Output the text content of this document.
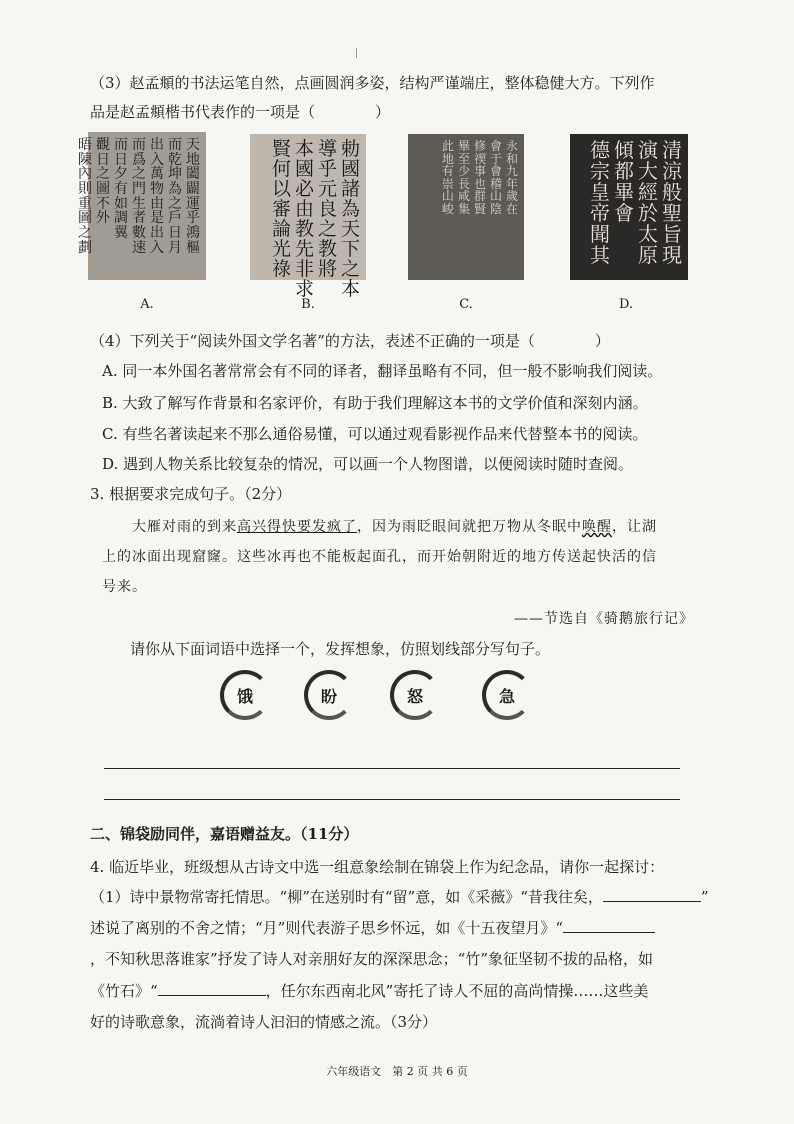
（3）赵孟頫的书法运笔自然，点画圆润多姿，结构严谨端庄，整体稳健大方。下列作
品是赵孟頫楷书代表作的一项是（　　　　）
天
地
闔
闢
運
乎
鴻
樞
而
乾
坤
為
之
戶
日
月
出
入
萬
物
由
是
出
入
而
爲
之
門
生
者
數
速
而
日
夕
有
如
調
翼
觀
日
之
圖
不
外
晤
陳
內
則
重
圖
之
劃
勅
國
諸
為
天
下
之
本
導
乎
元
良
之
教
將
本
國
必
由
教
先
非
求
賢
何
以
審
論
光
祿
永
和
九
年
歲
在
會
于
會
稽
山
陰
修
禊
事
也
群
賢
畢
至
少
長
咸
集
此
地
有
崇
山
峻
清
涼
般
聖
旨
現
演
大
經
於
太
原
傾
都
畢
會
德
宗
皇
帝
聞
其
A.	B.	C.	D.
（4）下列关于“阅读外国文学名著”的方法，表述不正确的一项是（　　　　）
A. 同一本外国名著常常会有不同的译者，翻译虽略有不同，但一般不影响我们阅读。
B. 大致了解写作背景和名家评价，有助于我们理解这本书的文学价值和深刻内涵。
C. 有些名著读起来不那么通俗易懂，可以通过观看影视作品来代替整本书的阅读。
D. 遇到人物关系比较复杂的情况，可以画一个人物图谱，以便阅读时随时查阅。
3. 根据要求完成句子。（2分）
大雁对雨的到来高兴得快要发疯了，因为雨眨眼间就把万物从冬眠中唤醒，让湖
上的冰面出现窟窿。这些冰再也不能板起面孔，而开始朝附近的地方传送起快活的信
号来。
——节选自《骑鹅旅行记》
请你从下面词语中选择一个，发挥想象，仿照划线部分写句子。
饿	盼	怒	急
二、锦袋励同伴，嘉语赠益友。（11分）
4. 临近毕业，班级想从古诗文中选一组意象绘制在锦袋上作为纪念品，请你一起探讨：
（1）诗中景物常寄托情思。“柳”在送别时有“留”意，如《采薇》“昔我往矣，	”
述说了离别的不舍之情；“月”则代表游子思乡怀远，如《十五夜望月》“
，不知秋思落谁家”抒发了诗人对亲朋好友的深深思念；“竹”象征坚韧不拔的品格，如
《竹石》“	，任尔东西南北风”寄托了诗人不屈的高尚情操……这些美
好的诗歌意象，流淌着诗人汩汩的情感之流。（3分）
六年级语文　第 2 页 共 6 页
